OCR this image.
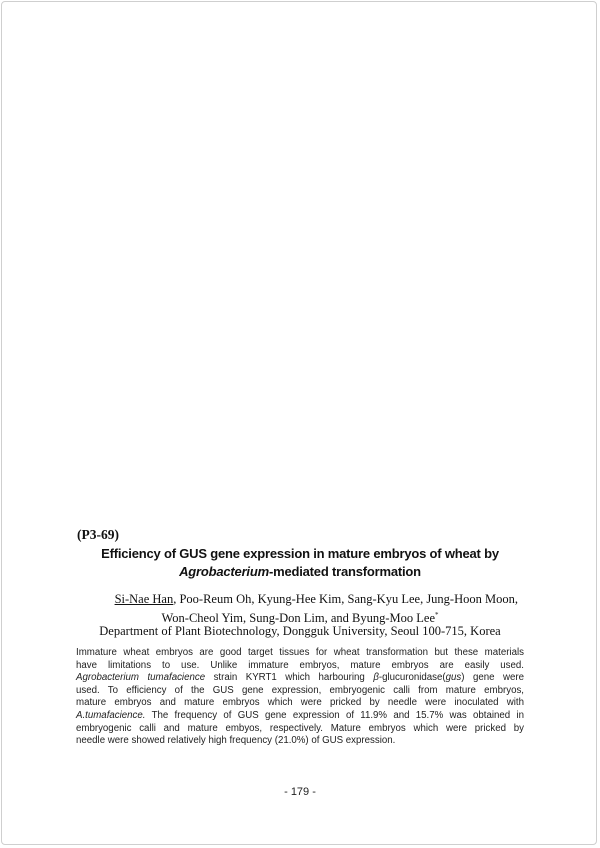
(P3-69)
Efficiency of GUS gene expression in mature embryos of wheat by
Agrobacterium-mediated transformation
Si-Nae Han, Poo-Reum Oh, Kyung-Hee Kim, Sang-Kyu Lee, Jung-Hoon Moon,
Won-Cheol Yim, Sung-Don Lim, and Byung-Moo Lee*
Department of Plant Biotechnology, Dongguk University, Seoul 100-715, Korea
Immature wheat embryos are good target tissues for wheat transformation but these materials
have limitations to use. Unlike immature embryos, mature embryos are easily used.
Agrobacterium tumafacience strain KYRT1 which harbouring β-glucuronidase(gus) gene were
used. To efficiency of the GUS gene expression, embryogenic calli from mature embryos,
mature embryos and mature embryos which were pricked by needle were inoculated with
A.tumafacience. The frequency of GUS gene expression of 11.9% and 15.7% was obtained in
embryogenic calli and mature embyos, respectively. Mature embryos which were pricked by
needle were showed relatively high frequency (21.0%) of GUS expression.
- 179 -
